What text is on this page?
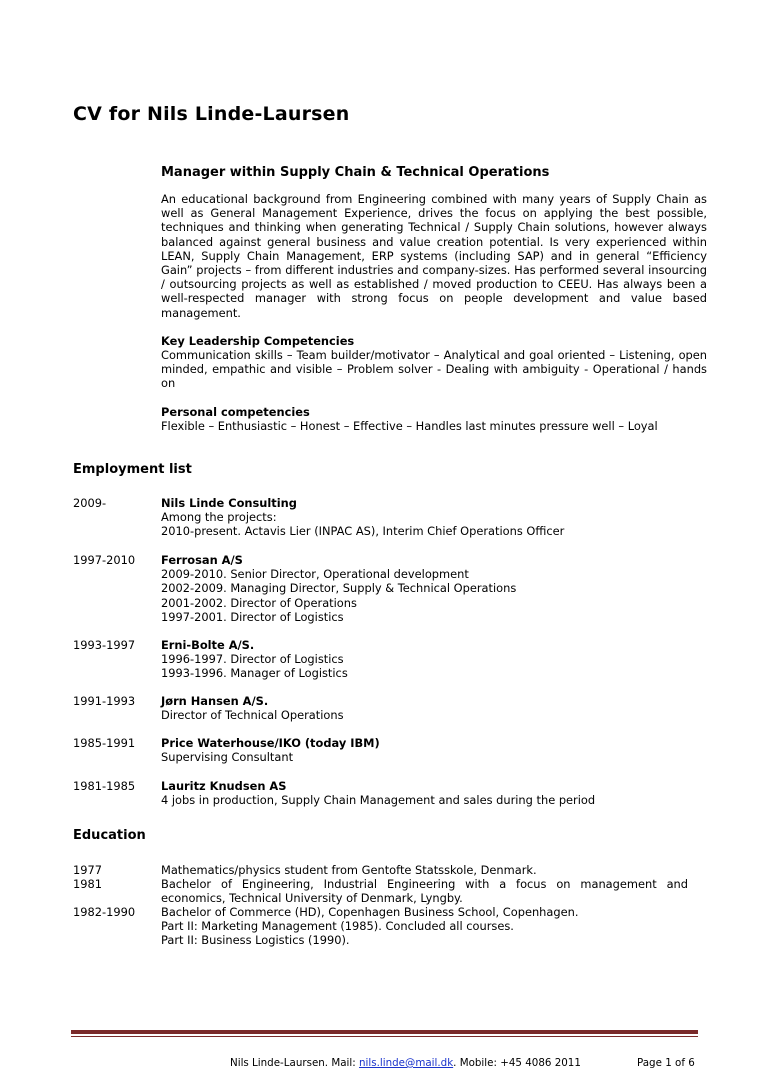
CV for Nils Linde-Laursen
Manager within Supply Chain & Technical Operations
An educational background from Engineering combined with many years of Supply Chain as well as General Management Experience, drives the focus on applying the best possible, techniques and thinking when generating Technical / Supply Chain solutions, however always balanced against general business and value creation potential. Is very experienced within LEAN, Supply Chain Management, ERP systems (including SAP) and in general “Efficiency Gain” projects – from different industries and company-sizes. Has performed several insourcing / outsourcing projects as well as established / moved production to CEEU. Has always been a well-respected manager with strong focus on people development and value based management.
Key Leadership Competencies
Communication skills – Team builder/motivator – Analytical and goal oriented – Listening, open minded, empathic and visible – Problem solver - Dealing with ambiguity - Operational / hands on
Personal competencies
Flexible – Enthusiastic – Honest – Effective – Handles last minutes pressure well – Loyal
Employment list
2009-	Nils Linde Consulting
Among the projects:
2010-present. Actavis Lier (INPAC AS), Interim Chief Operations Officer
1997-2010	Ferrosan A/S
2009-2010. Senior Director, Operational development
2002-2009. Managing Director, Supply & Technical Operations
2001-2002. Director of Operations
1997-2001. Director of Logistics
1993-1997	Erni-Bolte A/S.
1996-1997. Director of Logistics
1993-1996. Manager of Logistics
1991-1993	Jørn Hansen A/S.
Director of Technical Operations
1985-1991	Price Waterhouse/IKO (today IBM)
Supervising Consultant
1981-1985	Lauritz Knudsen AS
4 jobs in production, Supply Chain Management and sales during the period
Education
1977	Mathematics/physics student from Gentofte Statsskole, Denmark.
1981	Bachelor of Engineering, Industrial Engineering with a focus on management and economics, Technical University of Denmark, Lyngby.
1982-1990	Bachelor of Commerce (HD), Copenhagen Business School, Copenhagen.
Part II: Marketing Management (1985). Concluded all courses.
Part II: Business Logistics (1990).
Nils Linde-Laursen. Mail: nils.linde@mail.dk. Mobile: +45 4086 2011	Page 1 of 6
